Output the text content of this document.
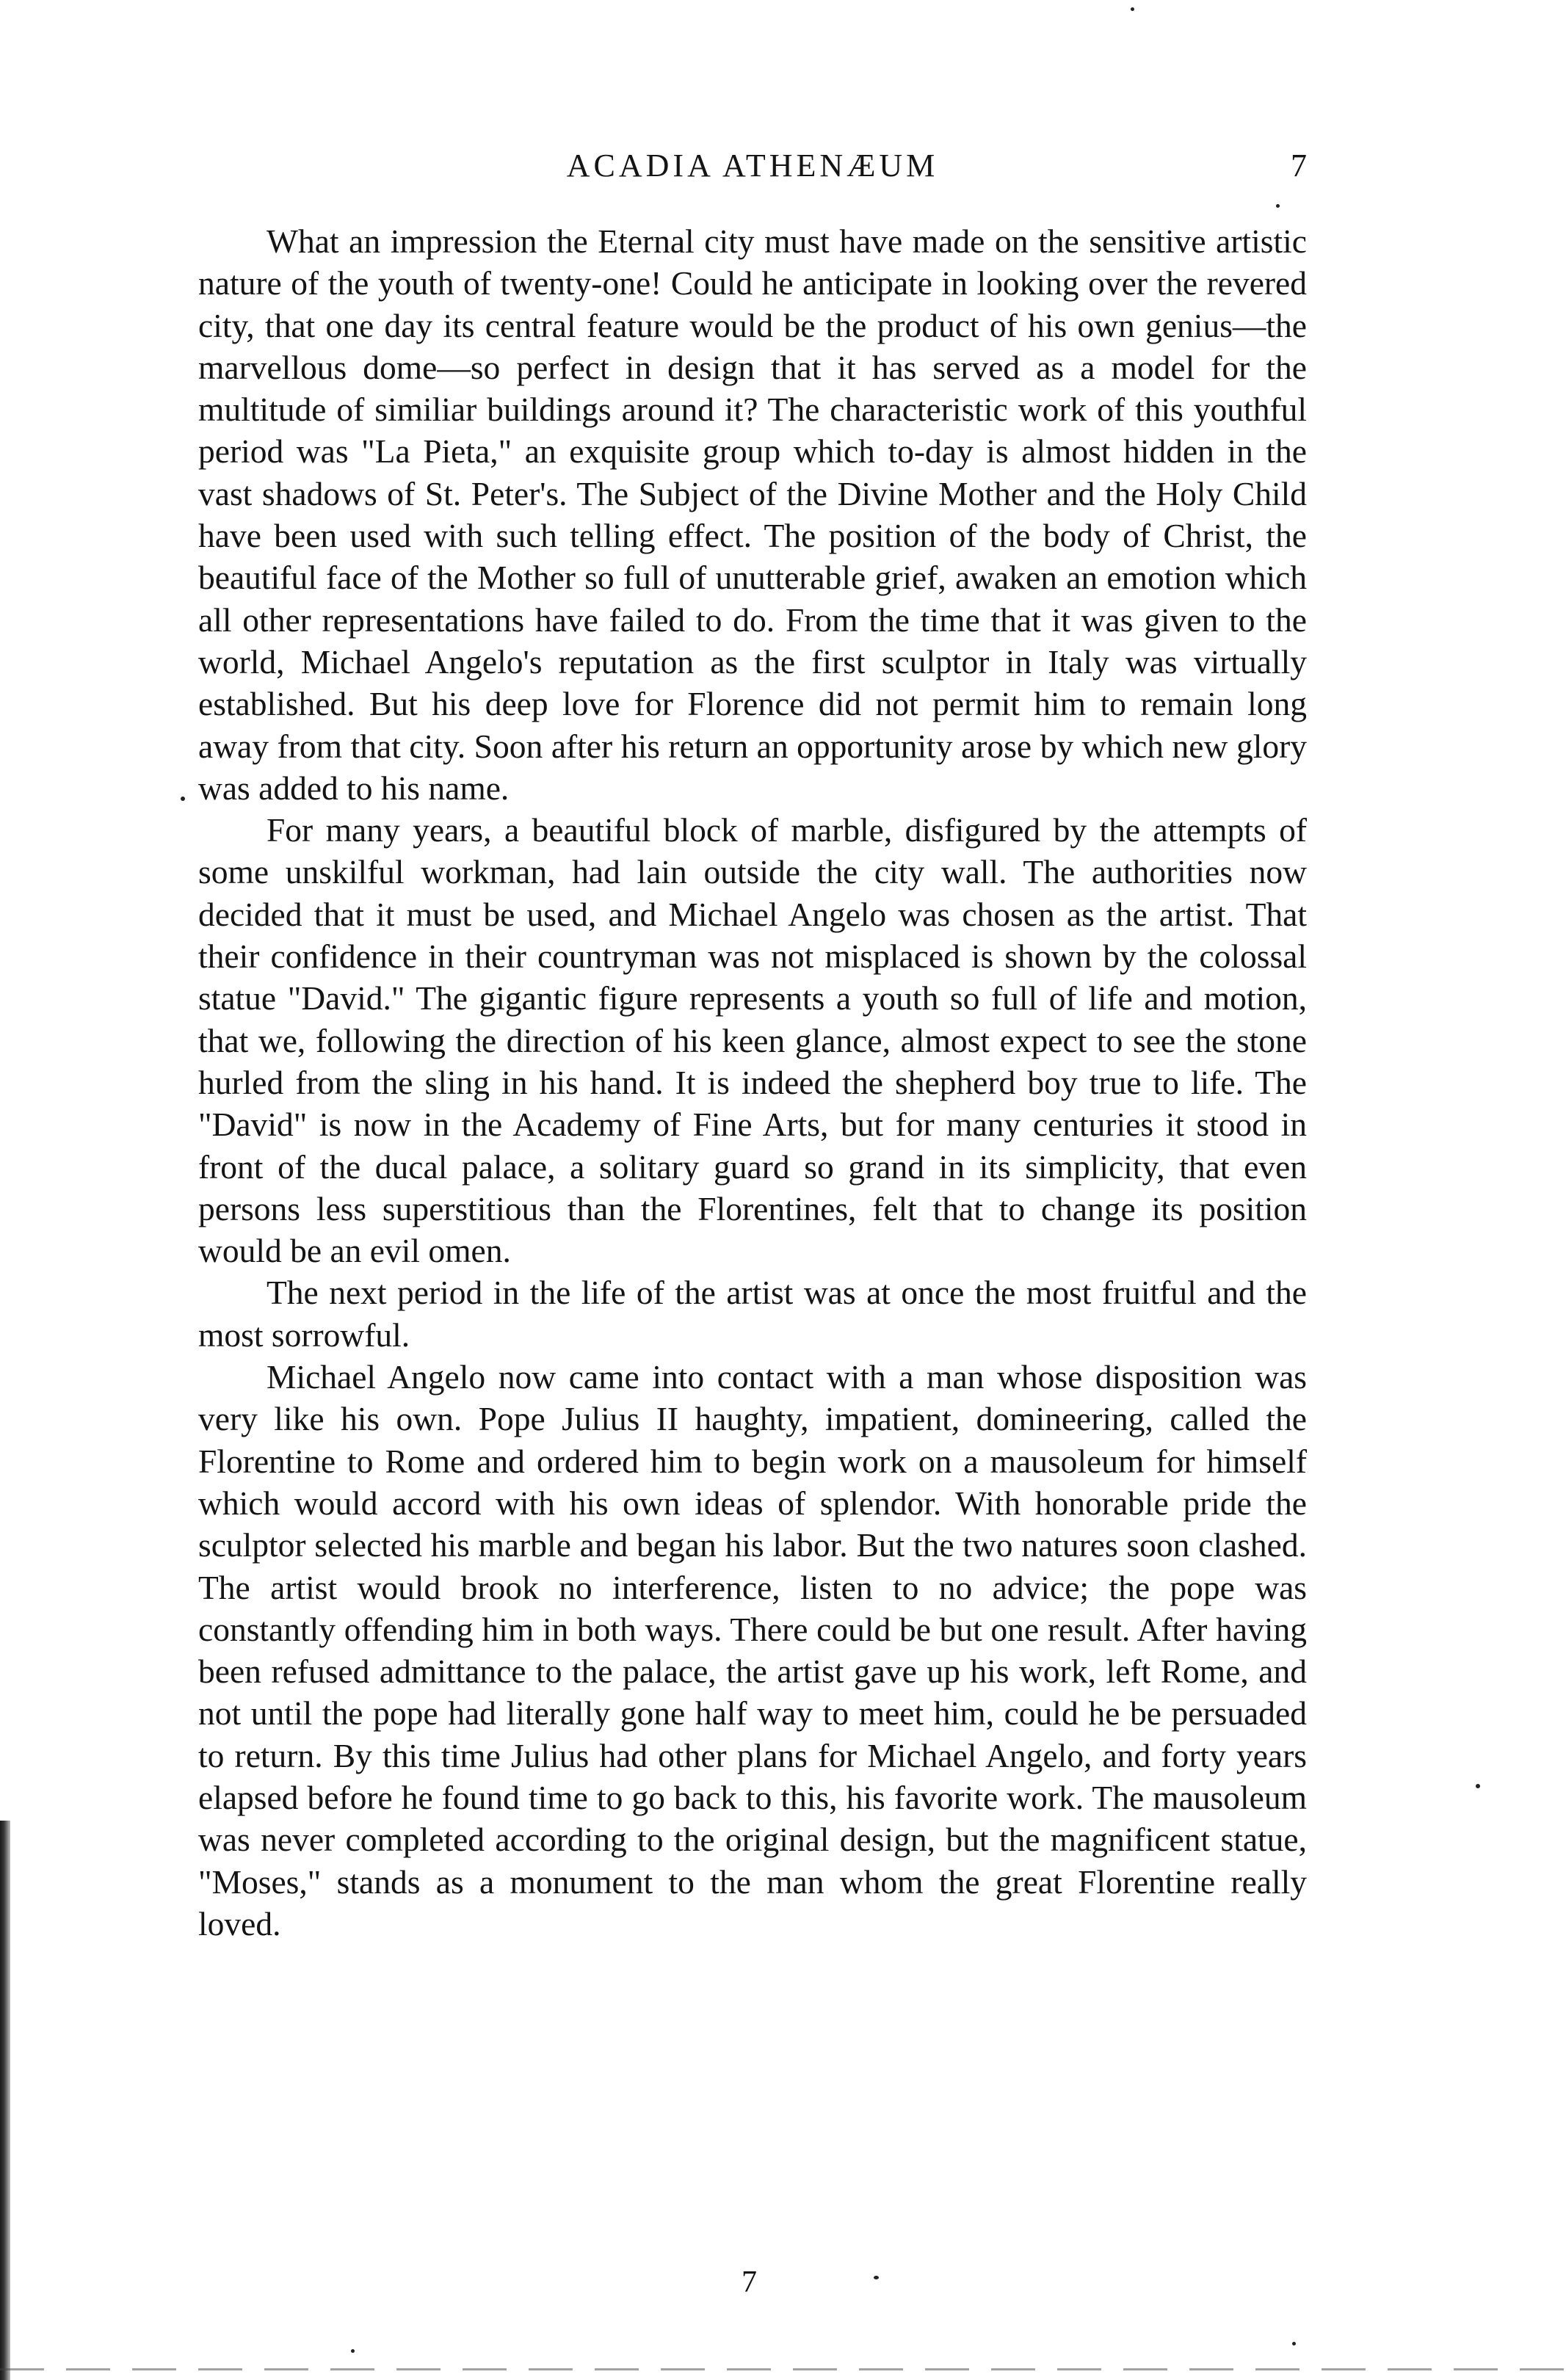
ACADIA ATHENÆUM	7

What an impression the Eternal city must have made on the sensitive artistic nature of the youth of twenty-one! Could he anticipate in looking over the revered city, that one day its central feature would be the product of his own genius—the marvellous dome—so perfect in design that it has served as a model for the multitude of similiar buildings around it? The characteristic work of this youthful period was "La Pieta," an exquisite group which to-day is almost hidden in the vast shadows of St. Peter's. The Subject of the Divine Mother and the Holy Child have been used with such telling effect. The position of the body of Christ, the beautiful face of the Mother so full of unutterable grief, awaken an emotion which all other representations have failed to do. From the time that it was given to the world, Michael Angelo's reputation as the first sculptor in Italy was virtually established. But his deep love for Florence did not permit him to remain long away from that city. Soon after his return an opportunity arose by which new glory was added to his name.

For many years, a beautiful block of marble, disfigured by the attempts of some unskilful workman, had lain outside the city wall. The authorities now decided that it must be used, and Michael Angelo was chosen as the artist. That their confidence in their countryman was not misplaced is shown by the colossal statue "David." The gigantic figure represents a youth so full of life and motion, that we, following the direction of his keen glance, almost expect to see the stone hurled from the sling in his hand. It is indeed the shepherd boy true to life. The "David" is now in the Academy of Fine Arts, but for many centuries it stood in front of the ducal palace, a solitary guard so grand in its simplicity, that even persons less superstitious than the Florentines, felt that to change its position would be an evil omen.

The next period in the life of the artist was at once the most fruitful and the most sorrowful.

Michael Angelo now came into contact with a man whose disposition was very like his own. Pope Julius II haughty, impatient, domineering, called the Florentine to Rome and ordered him to begin work on a mausoleum for himself which would accord with his own ideas of splendor. With honorable pride the sculptor selected his marble and began his labor. But the two natures soon clashed. The artist would brook no interference, listen to no advice; the pope was constantly offending him in both ways. There could be but one result. After having been refused admittance to the palace, the artist gave up his work, left Rome, and not until the pope had literally gone half way to meet him, could he be persuaded to return. By this time Julius had other plans for Michael Angelo, and forty years elapsed before he found time to go back to this, his favorite work. The mausoleum was never completed according to the original design, but the magnificent statue, "Moses," stands as a monument to the man whom the great Florentine really loved.

7
